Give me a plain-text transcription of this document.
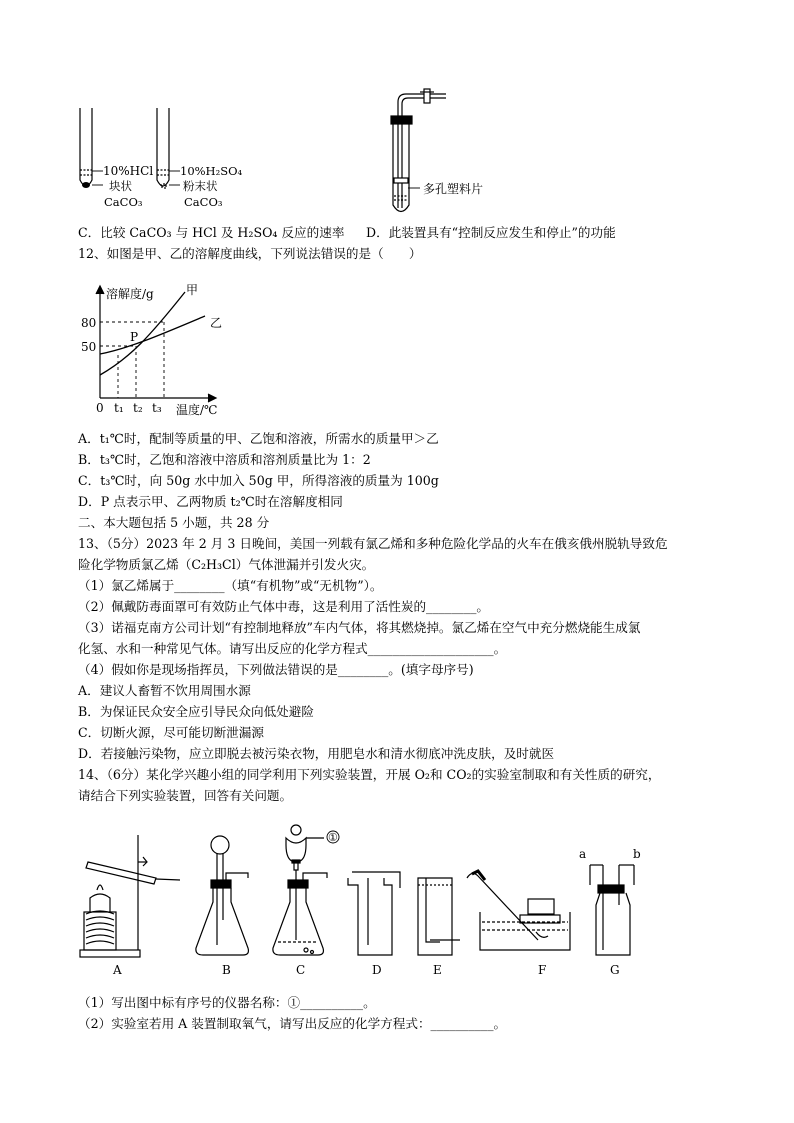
10%HCl
块状
CaCO₃
10%H₂SO₄
粉末状
CaCO₃
多孔塑料片
C．比较 CaCO₃ 与 HCl 及 H₂SO₄ 反应的速率 D．此装置具有“控制反应发生和停止”的功能
12、如图是甲、乙的溶解度曲线，下列说法错误的是（　　）
溶解度/g	甲
乙
P
80
50
0 t₁ t₂ t₃ 温度/℃
A．t₁℃时，配制等质量的甲、乙饱和溶液，所需水的质量甲＞乙
B．t₃℃时，乙饱和溶液中溶质和溶剂质量比为 1：2
C．t₃℃时，向 50g 水中加入 50g 甲，所得溶液的质量为 100g
D．P 点表示甲、乙两物质 t₂℃时在溶解度相同
二、本大题包括 5 小题，共 28 分
13、（5分）2023 年 2 月 3 日晚间，美国一列载有氯乙烯和多种危险化学品的火车在俄亥俄州脱轨导致危
险化学物质氯乙烯（C₂H₃Cl）气体泄漏并引发火灾。
（1）氯乙烯属于________（填“有机物”或“无机物”）。
（2）佩戴防毒面罩可有效防止气体中毒，这是利用了活性炭的________。
（3）诺福克南方公司计划“有控制地释放”车内气体，将其燃烧掉。氯乙烯在空气中充分燃烧能生成氯
化氢、水和一种常见气体。请写出反应的化学方程式____________________。
（4）假如你是现场指挥员，下列做法错误的是________。(填字母序号)
A．建议人畜暂不饮用周围水源
B．为保证民众安全应引导民众向低处避险
C．切断火源，尽可能切断泄漏源
D．若接触污染物，应立即脱去被污染衣物，用肥皂水和清水彻底冲洗皮肤，及时就医
14、（6分）某化学兴趣小组的同学利用下列实验装置，开展 O₂和 CO₂的实验室制取和有关性质的研究，
请结合下列实验装置，回答有关问题。
①
a	b
A	B	C	D	E	F	G
（1）写出图中标有序号的仪器名称：①__________。
（2）实验室若用 A 装置制取氧气，请写出反应的化学方程式：__________。
